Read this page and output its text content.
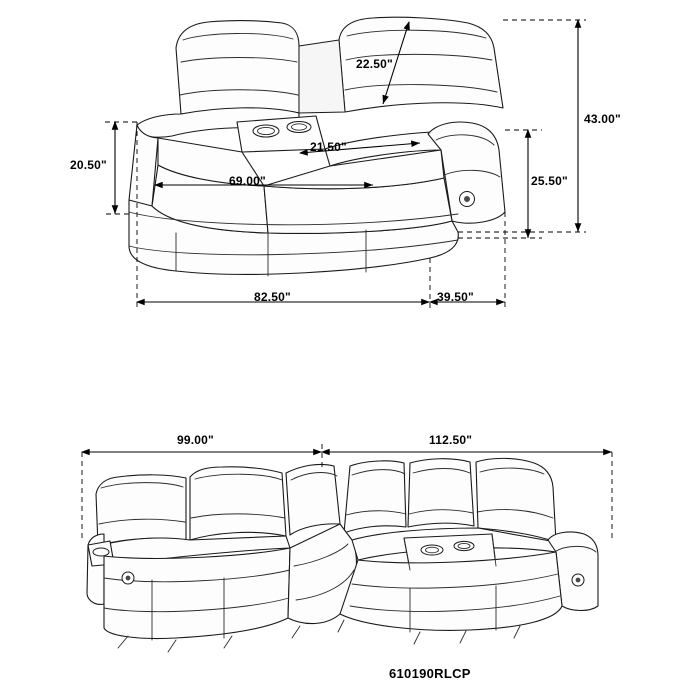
22.50"
43.00"
20.50"
21.50"
25.50"
69.00"
82.50"	39.50"
99.00"	112.50"
610190RLCP
